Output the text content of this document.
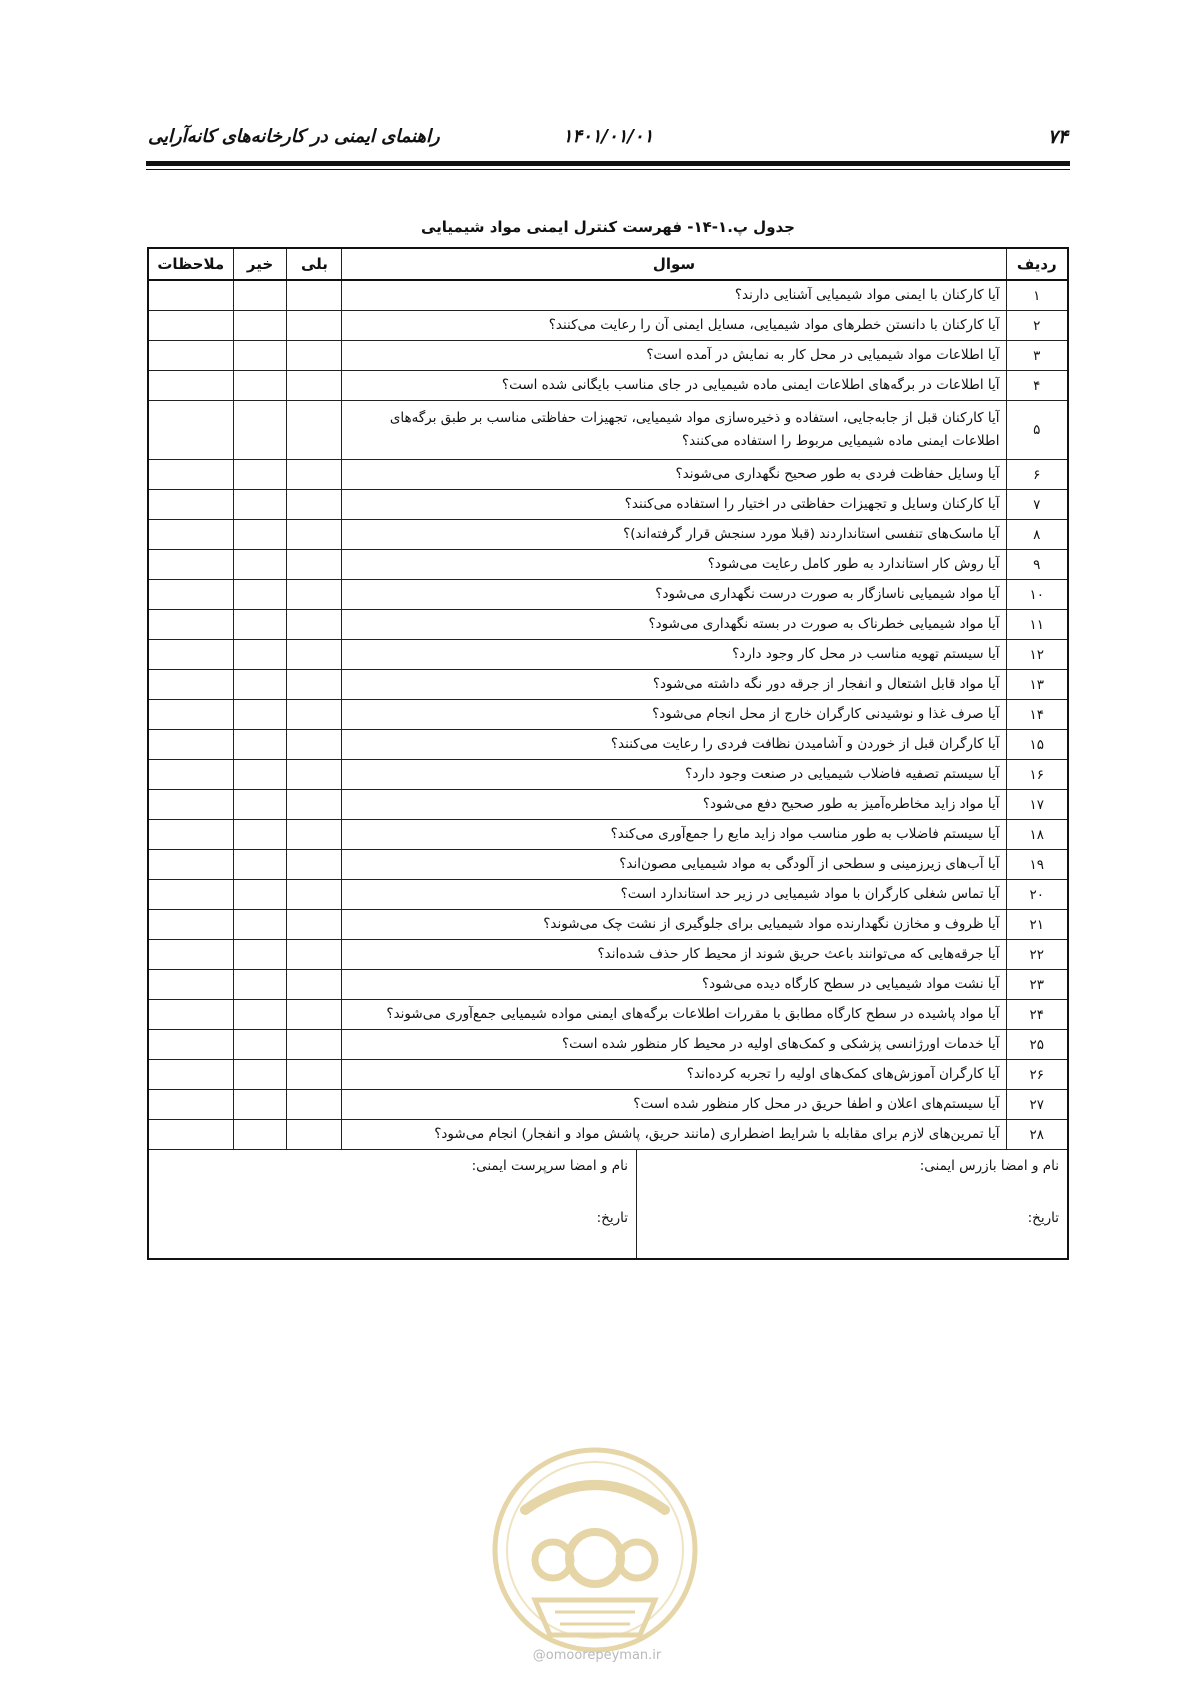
۷۴
۱۴۰۱/۰۱/۰۱
راهنمای ایمنی در کارخانه‌های کانه‌آرایی
جدول پ.۱-۱۴- فهرست کنترل ایمنی مواد شیمیایی
ردیف	سوال	بلی	خیر	ملاحظات
۱	آیا کارکنان با ایمنی مواد شیمیایی آشنایی دارند؟			
۲	آیا کارکنان با دانستن خطرهای مواد شیمیایی، مسایل ایمنی آن را رعایت می‌کنند؟			
۳	آیا اطلاعات مواد شیمیایی در محل کار به نمایش در آمده است؟			
۴	آیا اطلاعات در برگه‌های اطلاعات ایمنی ماده شیمیایی در جای مناسب بایگانی شده است؟			
۵	آیا کارکنان قبل از جابه‌جایی، استفاده و ذخیره‌سازی مواد شیمیایی، تجهیزات حفاظتی مناسب بر طبق برگه‌های اطلاعات ایمنی ماده شیمیایی مربوط را استفاده می‌کنند؟			
۶	آیا وسایل حفاظت فردی به طور صحیح نگهداری می‌شوند؟			
۷	آیا کارکنان وسایل و تجهیزات حفاظتی در اختیار را استفاده می‌کنند؟			
۸	آیا ماسک‌های تنفسی استانداردند (قبلا مورد سنجش قرار گرفته‌اند)؟			
۹	آیا روش کار استاندارد به طور کامل رعایت می‌شود؟			
۱۰	آیا مواد شیمیایی ناسازگار به صورت درست نگهداری می‌شود؟			
۱۱	آیا مواد شیمیایی خطرناک به صورت در بسته نگهداری می‌شود؟			
۱۲	آیا سیستم تهویه مناسب در محل کار وجود دارد؟			
۱۳	آیا مواد قابل اشتعال و انفجار از جرقه دور نگه داشته می‌شود؟			
۱۴	آیا صرف غذا و نوشیدنی کارگران خارج از محل انجام می‌شود؟			
۱۵	آیا کارگران قبل از خوردن و آشامیدن نظافت فردی را رعایت می‌کنند؟			
۱۶	آیا سیستم تصفیه فاضلاب شیمیایی در صنعت وجود دارد؟			
۱۷	آیا مواد زاید مخاطره‌آمیز به طور صحیح دفع می‌شود؟			
۱۸	آیا سیستم فاضلاب به طور مناسب مواد زاید مایع را جمع‌آوری می‌کند؟			
۱۹	آیا آب‌های زیرزمینی و سطحی از آلودگی به مواد شیمیایی مصون‌اند؟			
۲۰	آیا تماس شغلی کارگران با مواد شیمیایی در زیر حد استاندارد است؟			
۲۱	آیا ظروف و مخازن نگهدارنده مواد شیمیایی برای جلوگیری از نشت چک می‌شوند؟			
۲۲	آیا جرقه‌هایی که می‌توانند باعث حریق شوند از محیط کار حذف شده‌اند؟			
۲۳	آیا نشت مواد شیمیایی در سطح کارگاه دیده می‌شود؟			
۲۴	آیا مواد پاشیده در سطح کارگاه مطابق با مقررات اطلاعات برگه‌های ایمنی مواده شیمیایی جمع‌آوری می‌شوند؟			
۲۵	آیا خدمات اورژانسی پزشکی و کمک‌های اولیه در محیط کار منظور شده است؟			
۲۶	آیا کارگران آموزش‌های کمک‌های اولیه را تجربه کرده‌اند؟			
۲۷	آیا سیستم‌های اعلان و اطفا حریق در محل کار منظور شده است؟			
۲۸	آیا تمرین‌های لازم برای مقابله با شرایط اضطراری (مانند حریق، پاشش مواد و انفجار) انجام می‌شود؟			

نام و امضا بازرس ایمنی:
تاریخ:
نام و امضا سرپرست ایمنی:
تاریخ:				
@omoorepeyman.ir
